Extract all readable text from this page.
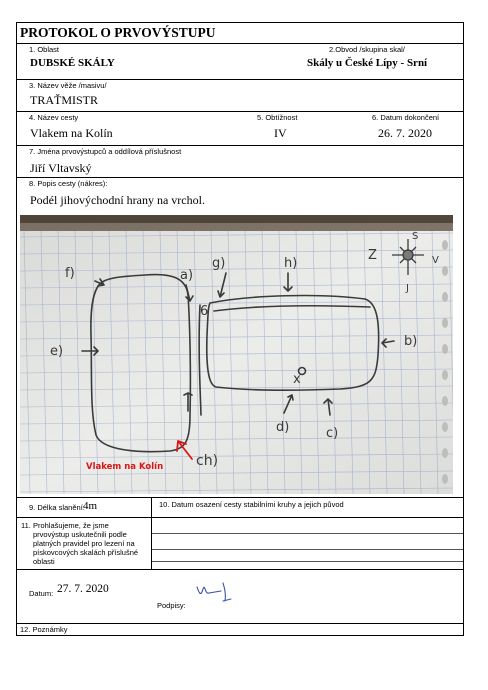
PROTOKOL O PRVOVÝSTUPU
1. Oblast
DUBSKÉ SKÁLY
2.Obvod /skupina skal/
Skály u České Lípy - Srní
3. Název věže /masivu/
TRAŤMISTR
4. Název cesty
Vlakem na Kolín
5. Obtížnost
IV
6. Datum dokončení
26. 7. 2020
7. Jména prvovýstupců a oddílová příslušnost
Jiří Vltavský
8. Popis cesty (nákres):
Podél jihovýchodní hrany na vrchol.
f)	a)
g)	h)
e)
b)
6
x
d)	c)
ch)
Z
S
V
J
Vlakem na Kolín
9. Délka slanění:
4m	10. Datum osazení cesty stabilními kruhy a jejich původ
11. Prohlašujeme, že jsme
prvovýstup uskutečnili podle
platných pravidel pro lezení na
pískovcových skalách příslušné
oblasti
Datum: 27. 7. 2020
Podpisy:
12. Poznámky
